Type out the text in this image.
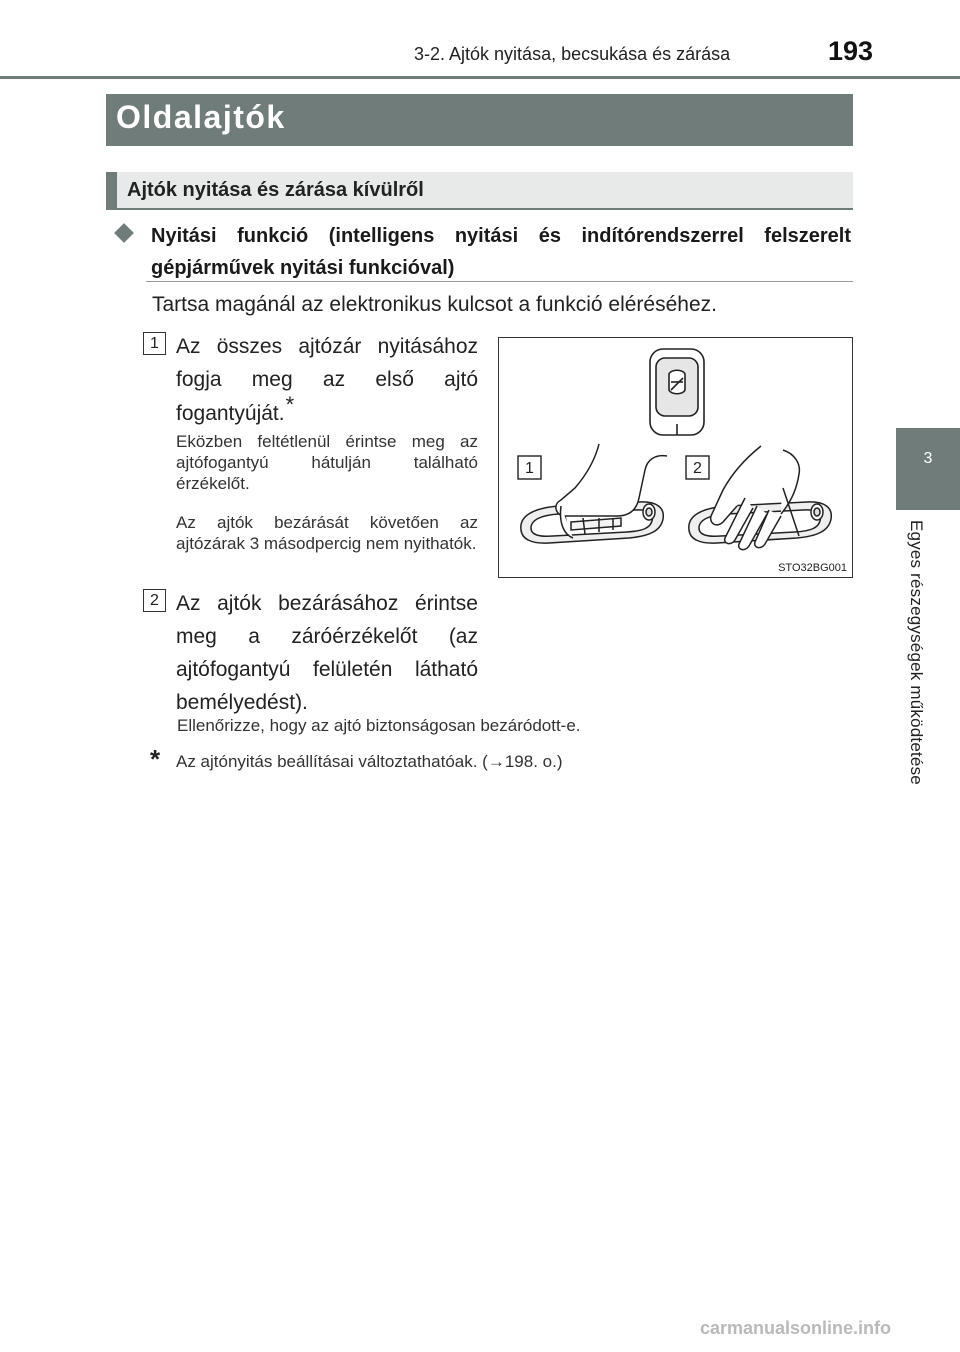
3-2. Ajtók nyitása, becsukása és zárása	193
3
Egyes részegységek működtetése
Oldalajtók
Ajtók nyitása és zárása kívülről
Nyitási funkció (intelligens nyitási és indítórendszerrel felszerelt gépjárművek nyitási funkcióval)
Tartsa magánál az elektronikus kulcsot a funkció eléréséhez.
1 Az összes ajtózár nyitásához fogja meg az első ajtó fogantyúját.*
Eközben feltétlenül érintse meg az ajtófogantyú hátulján található érzékelőt.
Az ajtók bezárását követően az ajtózárak 3 másodpercig nem nyithatók.
2 Az ajtók bezárásához érintse meg a záróérzékelőt (az ajtófogantyú felületén látható bemélyedést).
1	2
STO32BG001
Ellenőrizze, hogy az ajtó biztonságosan bezáródott-e.
* Az ajtónyitás beállításai változtathatóak. (→198. o.)
carmanualsonline.info
